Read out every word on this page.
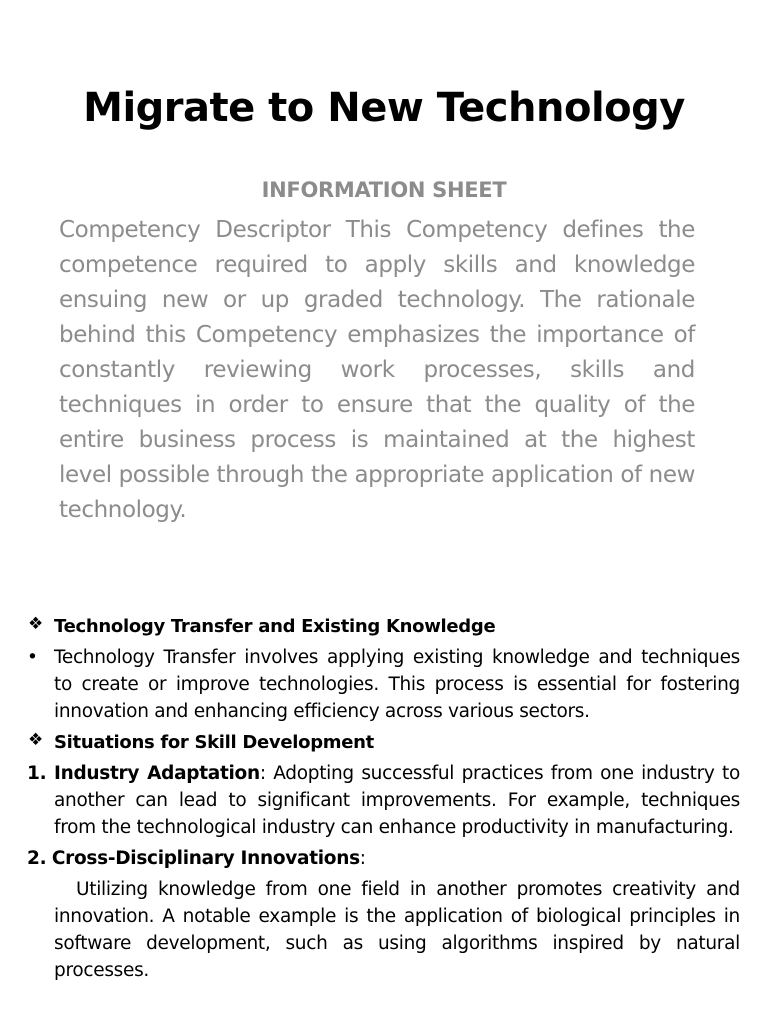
Migrate to New Technology
INFORMATION SHEET

Competency Descriptor This Competency defines the competence required to apply skills and knowledge ensuing new or up graded technology. The rationale behind this Competency emphasizes the importance of constantly reviewing work processes, skills and techniques in order to ensure that the quality of the entire business process is maintained at the highest level possible through the appropriate application of new technology.

❖ Technology Transfer and Existing Knowledge
• Technology Transfer involves applying existing knowledge and techniques to create or improve technologies. This process is essential for fostering innovation and enhancing efficiency across various sectors.
❖ Situations for Skill Development
1. Industry Adaptation: Adopting successful practices from one industry to another can lead to significant improvements. For example, techniques from the technological industry can enhance productivity in manufacturing.
2. Cross-Disciplinary Innovations:
Utilizing knowledge from one field in another promotes creativity and innovation. A notable example is the application of biological principles in software development, such as using algorithms inspired by natural processes.
